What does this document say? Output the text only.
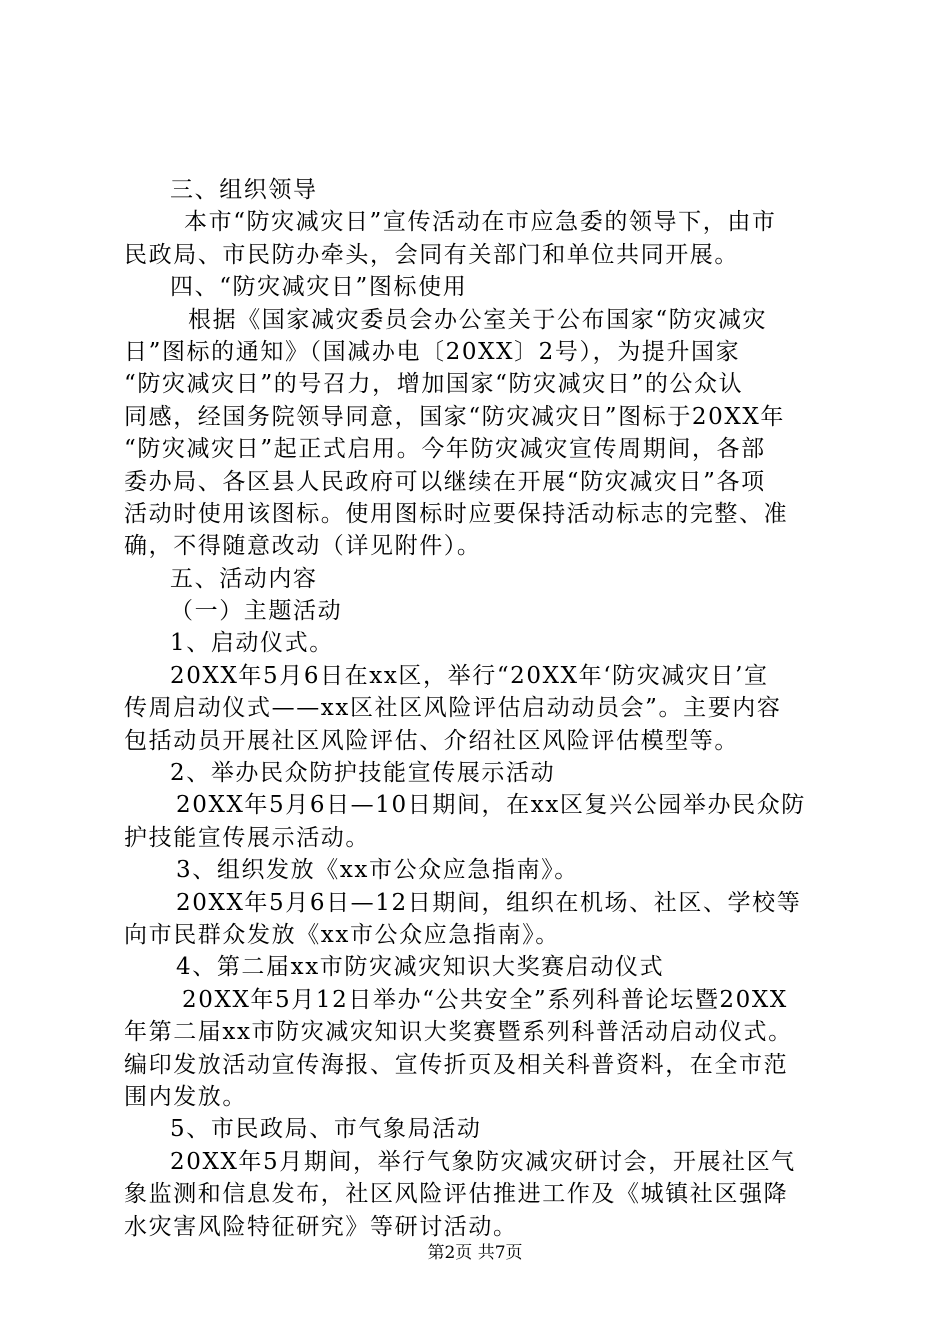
三、组织领导
本市“防灾减灾日”宣传活动在市应急委的领导下，由市
民政局、市民防办牵头，会同有关部门和单位共同开展。
四、“防灾减灾日”图标使用
根据《国家减灾委员会办公室关于公布国家“防灾减灾
日”图标的通知》（国减办电〔20XX〕2号），为提升国家
“防灾减灾日”的号召力，增加国家“防灾减灾日”的公众认
同感，经国务院领导同意，国家“防灾减灾日”图标于20XX年
“防灾减灾日”起正式启用。今年防灾减灾宣传周期间，各部
委办局、各区县人民政府可以继续在开展“防灾减灾日”各项
活动时使用该图标。使用图标时应要保持活动标志的完整、准
确，不得随意改动（详见附件）。
五、活动内容
（一）主题活动
1、启动仪式。
20XX年5月6日在xx区，举行“20XX年‘防灾减灾日’宣
传周启动仪式——xx区社区风险评估启动动员会”。主要内容
包括动员开展社区风险评估、介绍社区风险评估模型等。
2、举办民众防护技能宣传展示活动
20XX年5月6日—10日期间，在xx区复兴公园举办民众防
护技能宣传展示活动。
3、组织发放《xx市公众应急指南》。
20XX年5月6日—12日期间，组织在机场、社区、学校等
向市民群众发放《xx市公众应急指南》。
4、第二届xx市防灾减灾知识大奖赛启动仪式
20XX年5月12日举办“公共安全”系列科普论坛暨20XX
年第二届xx市防灾减灾知识大奖赛暨系列科普活动启动仪式。
编印发放活动宣传海报、宣传折页及相关科普资料，在全市范
围内发放。
5、市民政局、市气象局活动
20XX年5月期间，举行气象防灾减灾研讨会，开展社区气
象监测和信息发布，社区风险评估推进工作及《城镇社区强降
水灾害风险特征研究》等研讨活动。
第2页 共7页
